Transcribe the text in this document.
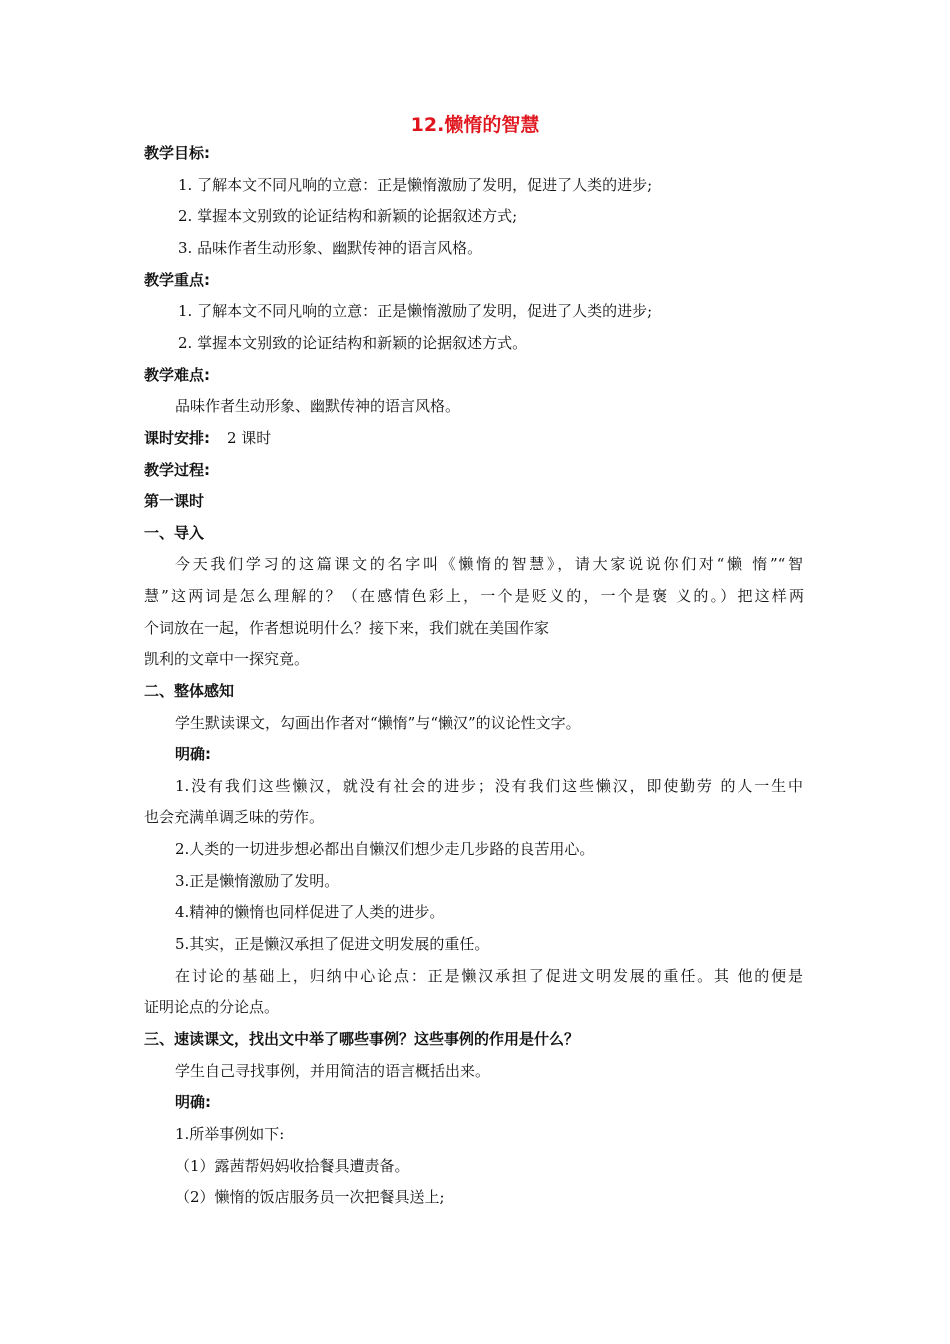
12.懒惰的智慧
教学目标:
1. 了解本文不同凡响的立意：正是懒惰激励了发明，促进了人类的进步;
2. 掌握本文别致的论证结构和新颖的论据叙述方式;
3. 品味作者生动形象、幽默传神的语言风格。
教学重点:
1. 了解本文不同凡响的立意：正是懒惰激励了发明，促进了人类的进步;
2. 掌握本文别致的论证结构和新颖的论据叙述方式。
教学难点:
品味作者生动形象、幽默传神的语言风格。
课时安排: 2 课时
教学过程:
第一课时
一、导入
今天我们学习的这篇课文的名字叫《懒惰的智慧》，请大家说说你们对“懒 惰”“智
慧”这两词是怎么理解的？（在感情色彩上，一个是贬义的，一个是褒 义的。）把这样两
个词放在一起，作者想说明什么？接下来，我们就在美国作家
凯利的文章中一探究竟。
二、整体感知
学生默读课文，勾画出作者对“懒惰”与“懒汉”的议论性文字。
明确:
1.没有我们这些懒汉，就没有社会的进步；没有我们这些懒汉，即使勤劳 的人一生中
也会充满单调乏味的劳作。
2.人类的一切进步想必都出自懒汉们想少走几步路的良苦用心。
3.正是懒惰激励了发明。
4.精神的懒惰也同样促进了人类的进步。
5.其实，正是懒汉承担了促进文明发展的重任。
在讨论的基础上，归纳中心论点：正是懒汉承担了促进文明发展的重任。其 他的便是
证明论点的分论点。
三、速读课文，找出文中举了哪些事例？这些事例的作用是什么？
学生自己寻找事例，并用简洁的语言概括出来。
明确:
1.所举事例如下:
（1）露茜帮妈妈收拾餐具遭责备。
（2）懒惰的饭店服务员一次把餐具送上;
